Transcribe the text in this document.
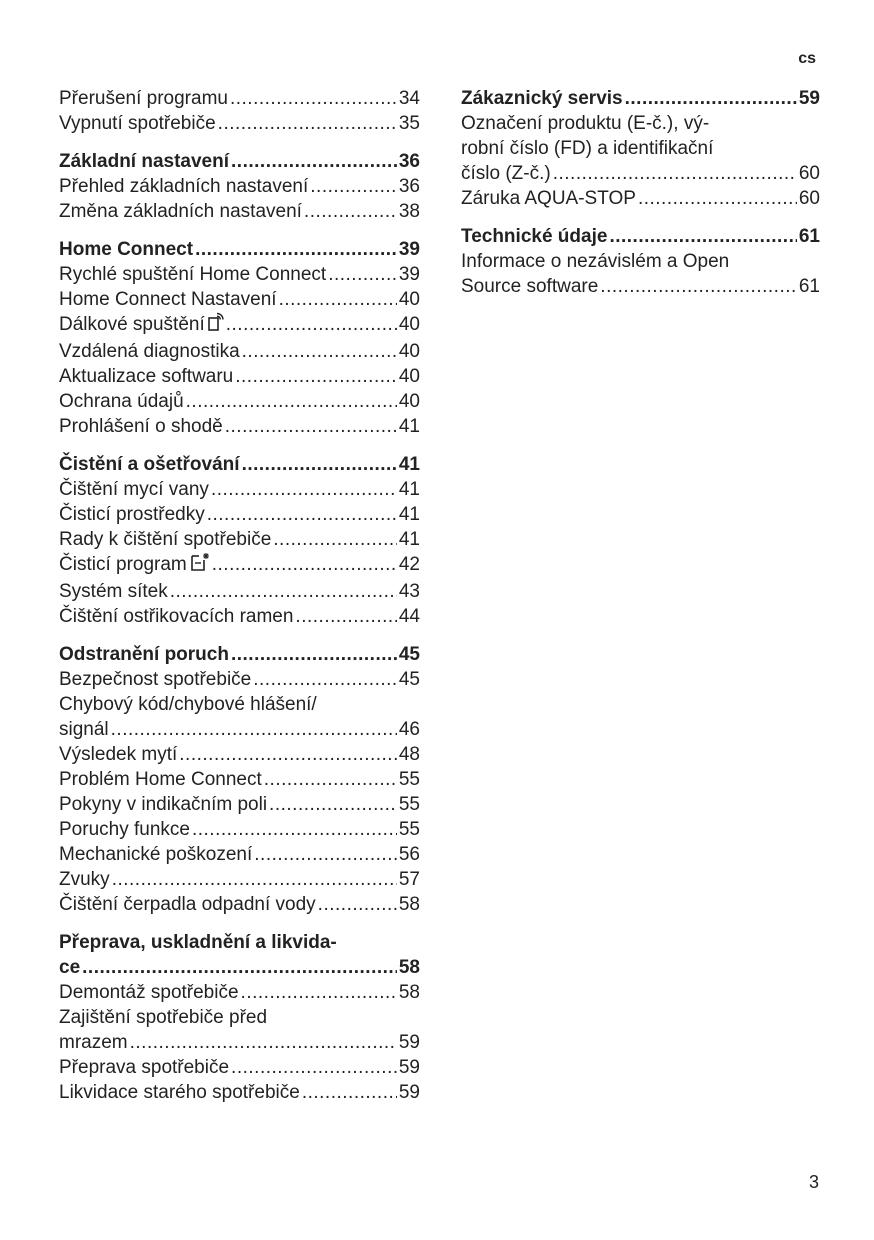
cs
Přerušení programu .....	34
Vypnutí spotřebiče .....	35
Základní nastavení .....	36
Přehled základních nastavení .....	36
Změna základních nastavení .....	38
Home Connect .....	39
Rychlé spuštění Home Connect .....	39
Home Connect Nastavení .....	40
Dálkové spuštění .....	40
Vzdálená diagnostika .....	40
Aktualizace softwaru .....	40
Ochrana údajů .....	40
Prohlášení o shodě .....	41
Čistění a ošetřování .....	41
Čištění mycí vany .....	41
Čisticí prostředky .....	41
Rady k čištění spotřebiče .....	41
Čisticí program .....	42
Systém sítek .....	43
Čištění ostřikovacích ramen .....	44
Odstranění poruch .....	45
Bezpečnost spotřebiče .....	45
Chybový kód/chybové hlášení/
signál .....	46
Výsledek mytí .....	48
Problém Home Connect .....	55
Pokyny v indikačním poli .....	55
Poruchy funkce .....	55
Mechanické poškození .....	56
Zvuky .....	57
Čištění čerpadla odpadní vody .....	58
Přeprava, uskladnění a likvida-
ce .....	58
Demontáž spotřebiče .....	58
Zajištění spotřebiče před
mrazem .....	59
Přeprava spotřebiče .....	59
Likvidace starého spotřebiče .....	59
Zákaznický servis .....	59
Označení produktu (E-č.), vý-
robní číslo (FD) a identifikační
číslo (Z-č.) .....	60
Záruka AQUA-STOP .....	60
Technické údaje .....	61
Informace o nezávislém a Open
Source software .....	61
3
